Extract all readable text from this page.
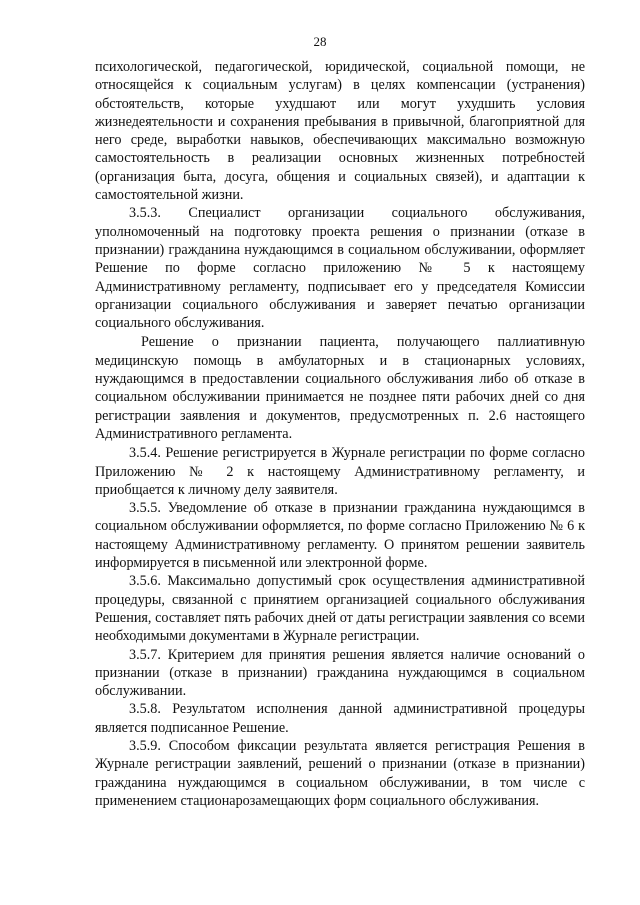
28

психологической, педагогической, юридической, социальной помощи, не относящейся к социальным услугам) в целях компенсации (устранения) обстоятельств, которые ухудшают или могут ухудшить условия жизнедеятельности и сохранения пребывания в привычной, благоприятной для него среде, выработки навыков, обеспечивающих максимально возможную самостоятельность в реализации основных жизненных потребностей (организация быта, досуга, общения и социальных связей), и адаптации к самостоятельной жизни.

3.5.3. Специалист организации социального обслуживания, уполномоченный на подготовку проекта решения о признании (отказе в признании) гражданина нуждающимся в социальном обслуживании, оформляет Решение по форме согласно приложению № 5 к настоящему Административному регламенту, подписывает его у председателя Комиссии организации социального обслуживания и заверяет печатью организации социального обслуживания.

Решение о признании пациента, получающего паллиативную медицинскую помощь в амбулаторных и в стационарных условиях, нуждающимся в предоставлении социального обслуживания либо об отказе в социальном обслуживании принимается не позднее пяти рабочих дней со дня регистрации заявления и документов, предусмотренных п. 2.6 настоящего Административного регламента.

3.5.4. Решение регистрируется в Журнале регистрации по форме согласно Приложению № 2 к настоящему Административному регламенту, и приобщается к личному делу заявителя.

3.5.5. Уведомление об отказе в признании гражданина нуждающимся в социальном обслуживании оформляется, по форме согласно Приложению № 6 к настоящему Административному регламенту. О принятом решении заявитель информируется в письменной или электронной форме.

3.5.6. Максимально допустимый срок осуществления административной процедуры, связанной с принятием организацией социального обслуживания Решения, составляет пять рабочих дней от даты регистрации заявления со всеми необходимыми документами в Журнале регистрации.

3.5.7. Критерием для принятия решения является наличие оснований о признании (отказе в признании) гражданина нуждающимся в социальном обслуживании.

3.5.8. Результатом исполнения данной административной процедуры является подписанное Решение.

3.5.9. Способом фиксации результата является регистрация Решения в Журнале регистрации заявлений, решений о признании (отказе в признании) гражданина нуждающимся в социальном обслуживании, в том числе с применением стационарозамещающих форм социального обслуживания.
